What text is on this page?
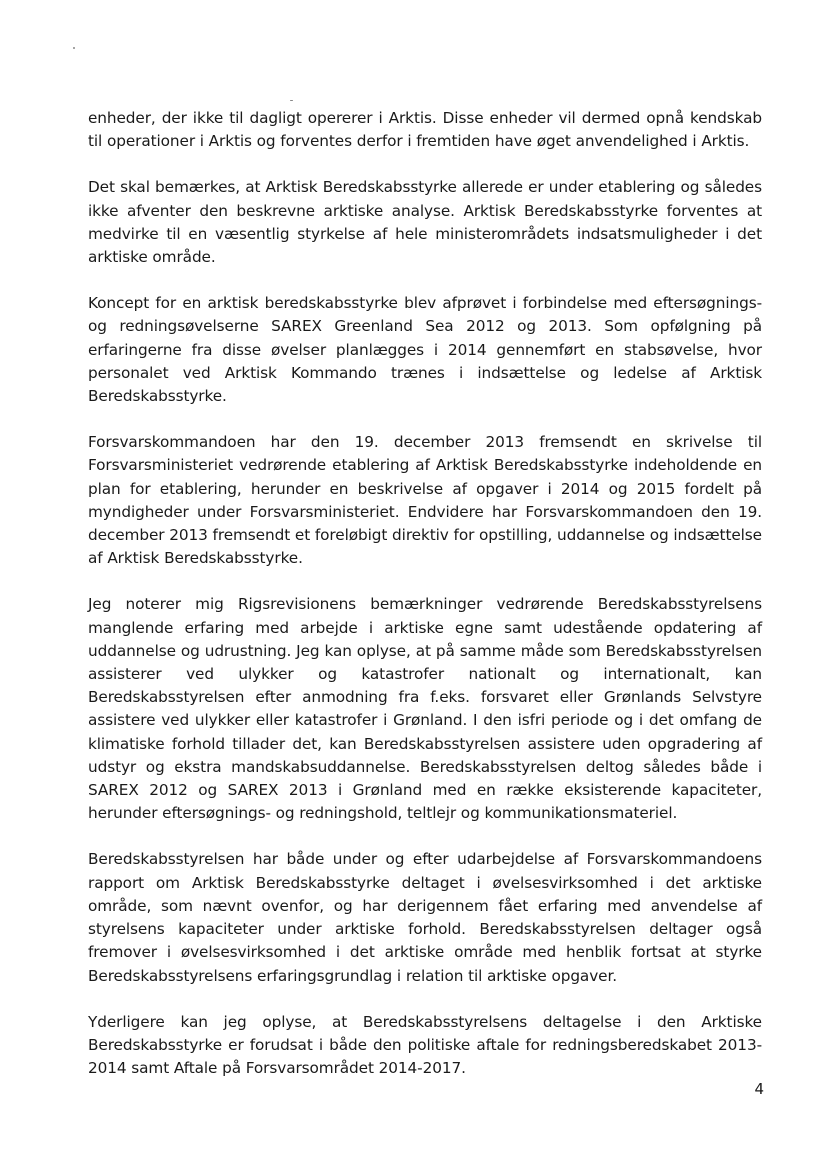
enheder, der ikke til dagligt opererer i Arktis. Disse enheder vil dermed opnå kendskab til operationer i Arktis og forventes derfor i fremtiden have øget anvendelighed i Arktis.

Det skal bemærkes, at Arktisk Beredskabsstyrke allerede er under etablering og således ikke afventer den beskrevne arktiske analyse. Arktisk Beredskabsstyrke forventes at medvirke til en væsentlig styrkelse af hele ministerområdets indsatsmuligheder i det arktiske område.

Koncept for en arktisk beredskabsstyrke blev afprøvet i forbindelse med eftersøgnings- og redningsøvelserne SAREX Greenland Sea 2012 og 2013. Som opfølgning på erfaringerne fra disse øvelser planlægges i 2014 gennemført en stabsøvelse, hvor personalet ved Arktisk Kommando trænes i indsættelse og ledelse af Arktisk Beredskabsstyrke.

Forsvarskommandoen har den 19. december 2013 fremsendt en skrivelse til Forsvarsministeriet vedrørende etablering af Arktisk Beredskabsstyrke indeholdende en plan for etablering, herunder en beskrivelse af opgaver i 2014 og 2015 fordelt på myndigheder under Forsvarsministeriet. Endvidere har Forsvarskommandoen den 19. december 2013 fremsendt et foreløbigt direktiv for opstilling, uddannelse og indsættelse af Arktisk Beredskabsstyrke.

Jeg noterer mig Rigsrevisionens bemærkninger vedrørende Beredskabsstyrelsens manglende erfaring med arbejde i arktiske egne samt udestående opdatering af uddannelse og udrustning. Jeg kan oplyse, at på samme måde som Beredskabsstyrelsen assisterer ved ulykker og katastrofer nationalt og internationalt, kan Beredskabsstyrelsen efter anmodning fra f.eks. forsvaret eller Grønlands Selvstyre assistere ved ulykker eller katastrofer i Grønland. I den isfri periode og i det omfang de klimatiske forhold tillader det, kan Beredskabsstyrelsen assistere uden opgradering af udstyr og ekstra mandskabsuddannelse. Beredskabsstyrelsen deltog således både i SAREX 2012 og SAREX 2013 i Grønland med en række eksisterende kapaciteter, herunder eftersøgnings- og redningshold, teltlejr og kommunikationsmateriel.

Beredskabsstyrelsen har både under og efter udarbejdelse af Forsvarskommandoens rapport om Arktisk Beredskabsstyrke deltaget i øvelsesvirksomhed i det arktiske område, som nævnt ovenfor, og har derigennem fået erfaring med anvendelse af styrelsens kapaciteter under arktiske forhold. Beredskabsstyrelsen deltager også fremover i øvelsesvirksomhed i det arktiske område med henblik fortsat at styrke Beredskabsstyrelsens erfaringsgrundlag i relation til arktiske opgaver.

Yderligere kan jeg oplyse, at Beredskabsstyrelsens deltagelse i den Arktiske Beredskabsstyrke er forudsat i både den politiske aftale for redningsberedskabet 2013-2014 samt Aftale på Forsvarsområdet 2014-2017.

4
